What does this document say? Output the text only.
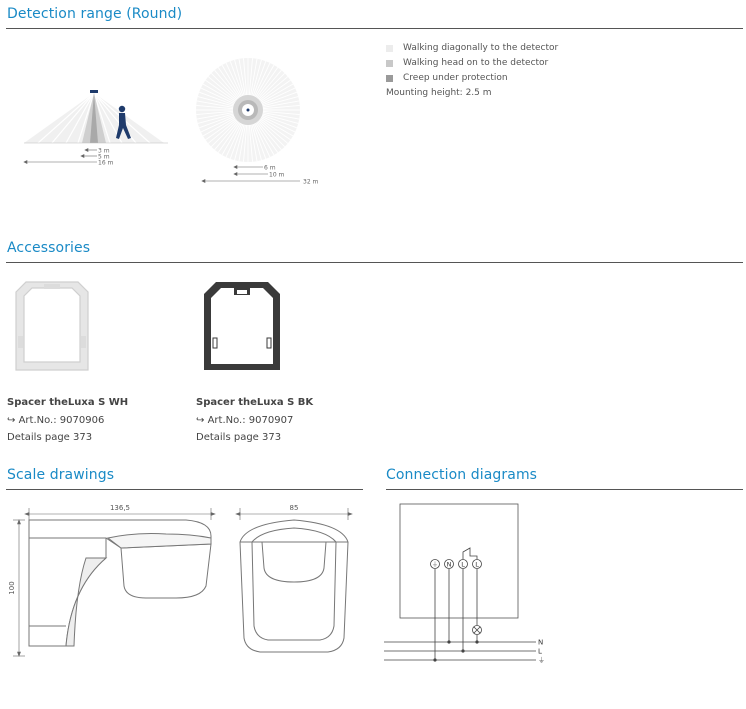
Detection range (Round)
Accessories
Scale drawings	Connection diagrams
3 m
5 m
16 m
6 m
10 m
32 m
Walking diagonally to the detector
Walking head on to the detector
Creep under protection
Mounting height: 2.5 m
Spacer theLuxa S WH
↪ Art.No.: 9070906
Details page 373
Spacer theLuxa S BK
↪ Art.No.: 9070907
Details page 373
136,5
100
85
⏚ N L L
N
L
⏚
